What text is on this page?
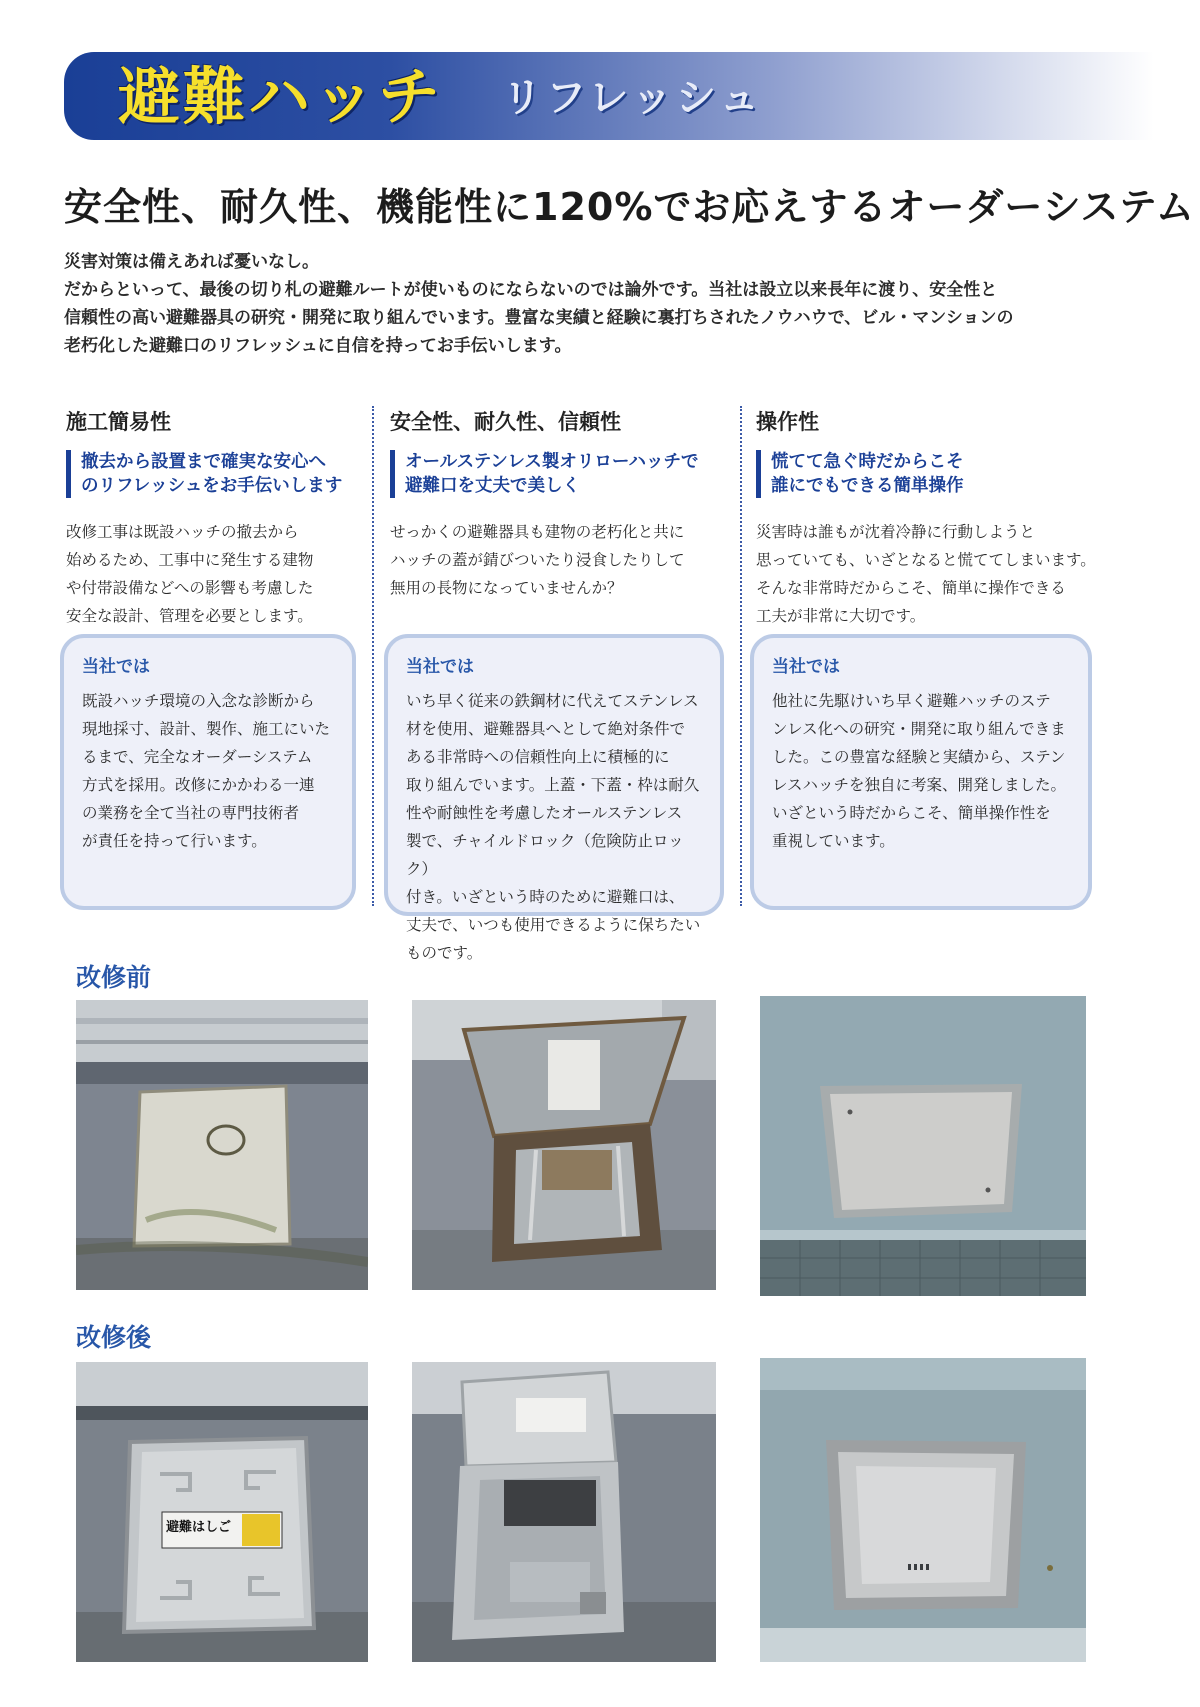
避難ハッチ リフレッシュ
安全性、耐久性、機能性に120%でお応えするオーダーシステム

災害対策は備えあれば憂いなし。

だからといって、最後の切り札の避難ルートが使いものにならないのでは論外です。当社は設立以来長年に渡り、安全性と

信頼性の高い避難器具の研究・開発に取り組んでいます。豊富な実績と経験に裏打ちされたノウハウで、ビル・マンションの

老朽化した避難口のリフレッシュに自信を持ってお手伝いします。

施工簡易性
撤去から設置まで確実な安心へ
のリフレッシュをお手伝いします
改修工事は既設ハッチの撤去から
始めるため、工事中に発生する建物
や付帯設備などへの影響も考慮した
安全な設計、管理を必要とします。
当社では
既設ハッチ環境の入念な診断から
現地採寸、設計、製作、施工にいた
るまで、完全なオーダーシステム
方式を採用。改修にかかわる一連
の業務を全て当社の専門技術者
が責任を持って行います。
安全性、耐久性、信頼性
オールステンレス製オリローハッチで
避難口を丈夫で美しく
せっかくの避難器具も建物の老朽化と共に
ハッチの蓋が錆びついたり浸食したりして
無用の長物になっていませんか？
当社では
いち早く従来の鉄鋼材に代えてステンレス
材を使用、避難器具へとして絶対条件で
ある非常時への信頼性向上に積極的に
取り組んでいます。上蓋・下蓋・枠は耐久
性や耐蝕性を考慮したオールステンレス
製で、チャイルドロック（危険防止ロック）
付き。いざという時のために避難口は、
丈夫で、いつも使用できるように保ちたい
ものです。
操作性
慌てて急ぐ時だからこそ
誰にでもできる簡単操作
災害時は誰もが沈着冷静に行動しようと
思っていても、いざとなると慌ててしまいます。
そんな非常時だからこそ、簡単に操作できる
工夫が非常に大切です。
当社では
他社に先駆けいち早く避難ハッチのステ
ンレス化への研究・開発に取り組んできま
した。この豊富な経験と実績から、ステン
レスハッチを独自に考案、開発しました。
いざという時だからこそ、簡単操作性を
重視しています。
改修前
改修後
避難はしご
